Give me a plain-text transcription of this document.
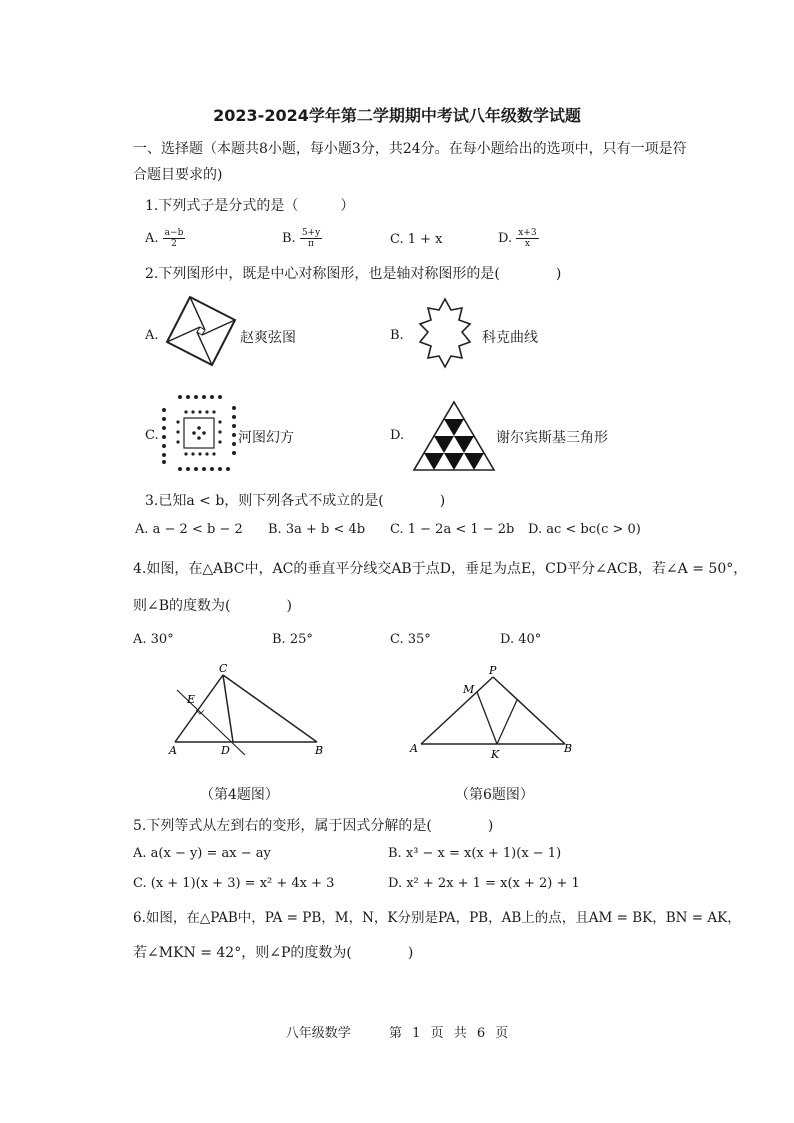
2023-2024学年第二学期期中考试八年级数学试题
一、选择题（本题共8小题，每小题3分，共24分。在每小题给出的选项中，只有一项是符
合题目要求的)
1.下列式子是分式的是（　　　）
A. $\frac{a-b}{2}$	B. $\frac{5+y}{\pi}$	C. 1 + x	D. $\frac{x+3}{x}$
2.下列图形中，既是中心对称图形，也是轴对称图形的是(　　　　)
A.	赵爽弦图	B.	科克曲线
C.	河图幻方	D.	谢尔宾斯基三角形
3.已知a < b，则下列各式不成立的是(　　　　)
A. a − 2 < b − 2 B. 3a + b < 4b C. 1 − 2a < 1 − 2b D. ac < bc(c > 0)
4.如图，在△ABC中，AC的垂直平分线交AB于点D，垂足为点E，CD平分∠ACB，若∠A = 50°，
则∠B的度数为(　　　　)
A. 30°	B. 25°	C. 35°	D. 40°
C
E
A	D	B
（第4题图）
P
M
A	K	B
（第6题图）
5.下列等式从左到右的变形，属于因式分解的是(　　　　)
A. a(x − y) = ax − ay	B. x³ − x = x(x + 1)(x − 1)
C. (x + 1)(x + 3) = x² + 4x + 3	D. x² + 2x + 1 = x(x + 2) + 1
6.如图，在△PAB中，PA = PB，M，N，K分别是PA，PB，AB上的点，且AM = BK，BN = AK，
若∠MKN = 42°，则∠P的度数为(　　　　)
八年级数学	第 1 页 共 6 页
